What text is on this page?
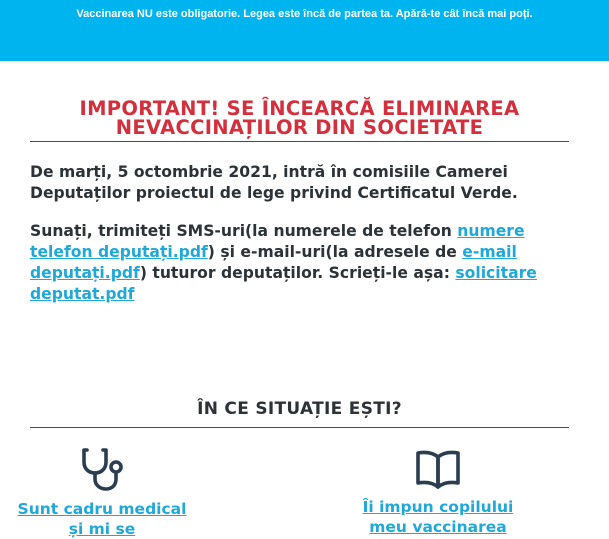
Vaccinarea NU este obligatorie. Legea este încă de partea ta. Apără-te cât încă mai poți.
IMPORTANT! SE ÎNCEARCĂ ELIMINAREA NEVACCINAȚILOR DIN SOCIETATE

De marți, 5 octombrie 2021, intră în comisiile Camerei Deputaților proiectul de lege privind Certificatul Verde.

Sunați, trimiteți SMS-uri(la numerele de telefon numere telefon deputați.pdf) și e-mail-uri(la adresele de e-mail deputați.pdf) tuturor deputaților. Scrieți-le așa: solicitare deputat.pdf

ÎN CE SITUAȚIE EȘTI?
Sunt cadru medical și mi se
Îi impun copilului meu vaccinarea
